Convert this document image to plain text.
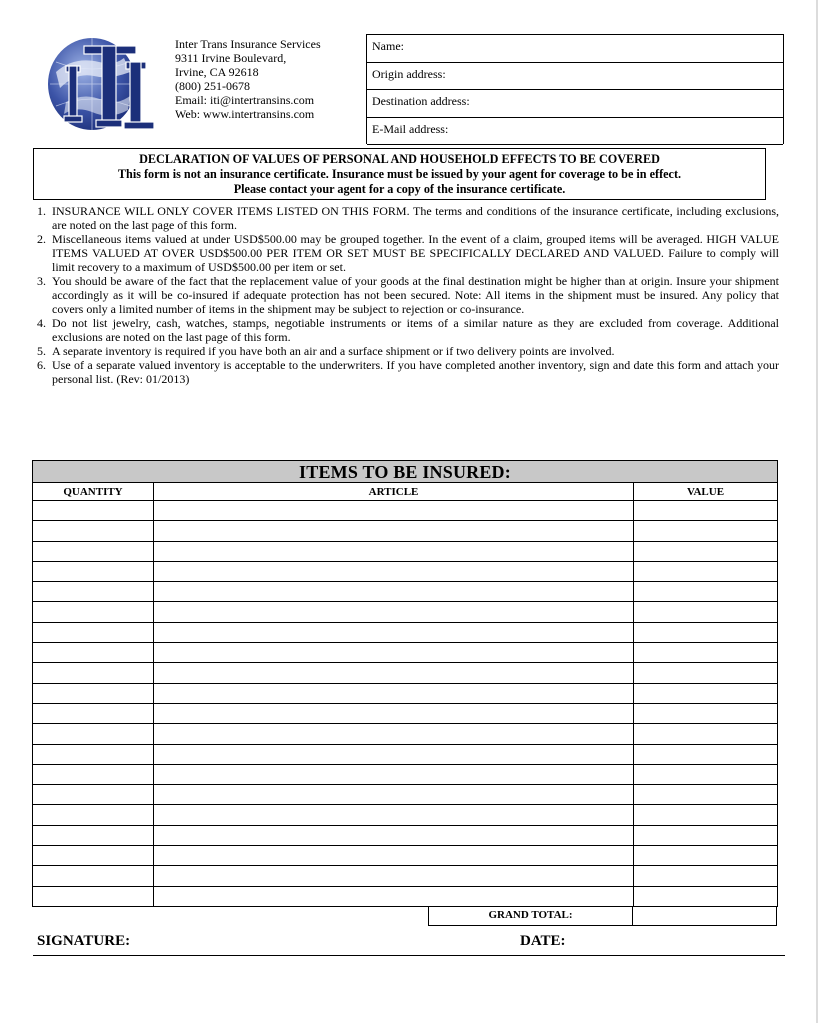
Inter Trans Insurance Services
9311 Irvine Boulevard,
Irvine, CA 92618
(800) 251-0678
Email: iti@intertransins.com
Web: www.intertransins.com
Name:
Origin address:
Destination address:
E-Mail address:
DECLARATION OF VALUES OF PERSONAL AND HOUSEHOLD EFFECTS TO BE COVERED
This form is not an insurance certificate. Insurance must be issued by your agent for coverage to be in effect.
Please contact your agent for a copy of the insurance certificate.
1. INSURANCE WILL ONLY COVER ITEMS LISTED ON THIS FORM. The terms and conditions of the insurance certificate, including exclusions, are noted on the last page of this form.
2. Miscellaneous items valued at under USD$500.00 may be grouped together. In the event of a claim, grouped items will be averaged. HIGH VALUE ITEMS VALUED AT OVER USD$500.00 PER ITEM OR SET MUST BE SPECIFICALLY DECLARED AND VALUED. Failure to comply will limit recovery to a maximum of USD$500.00 per item or set.
3. You should be aware of the fact that the replacement value of your goods at the final destination might be higher than at origin. Insure your shipment accordingly as it will be co-insured if adequate protection has not been secured. Note: All items in the shipment must be insured. Any policy that covers only a limited number of items in the shipment may be subject to rejection or co-insurance.
4. Do not list jewelry, cash, watches, stamps, negotiable instruments or items of a similar nature as they are excluded from coverage. Additional exclusions are noted on the last page of this form.
5. A separate inventory is required if you have both an air and a surface shipment or if two delivery points are involved.
6. Use of a separate valued inventory is acceptable to the underwriters. If you have completed another inventory, sign and date this form and attach your personal list. (Rev: 01/2013)
ITEMS TO BE INSURED:		
QUANTITY	ARTICLE	VALUE

GRAND TOTAL:
SIGNATURE:	DATE:
